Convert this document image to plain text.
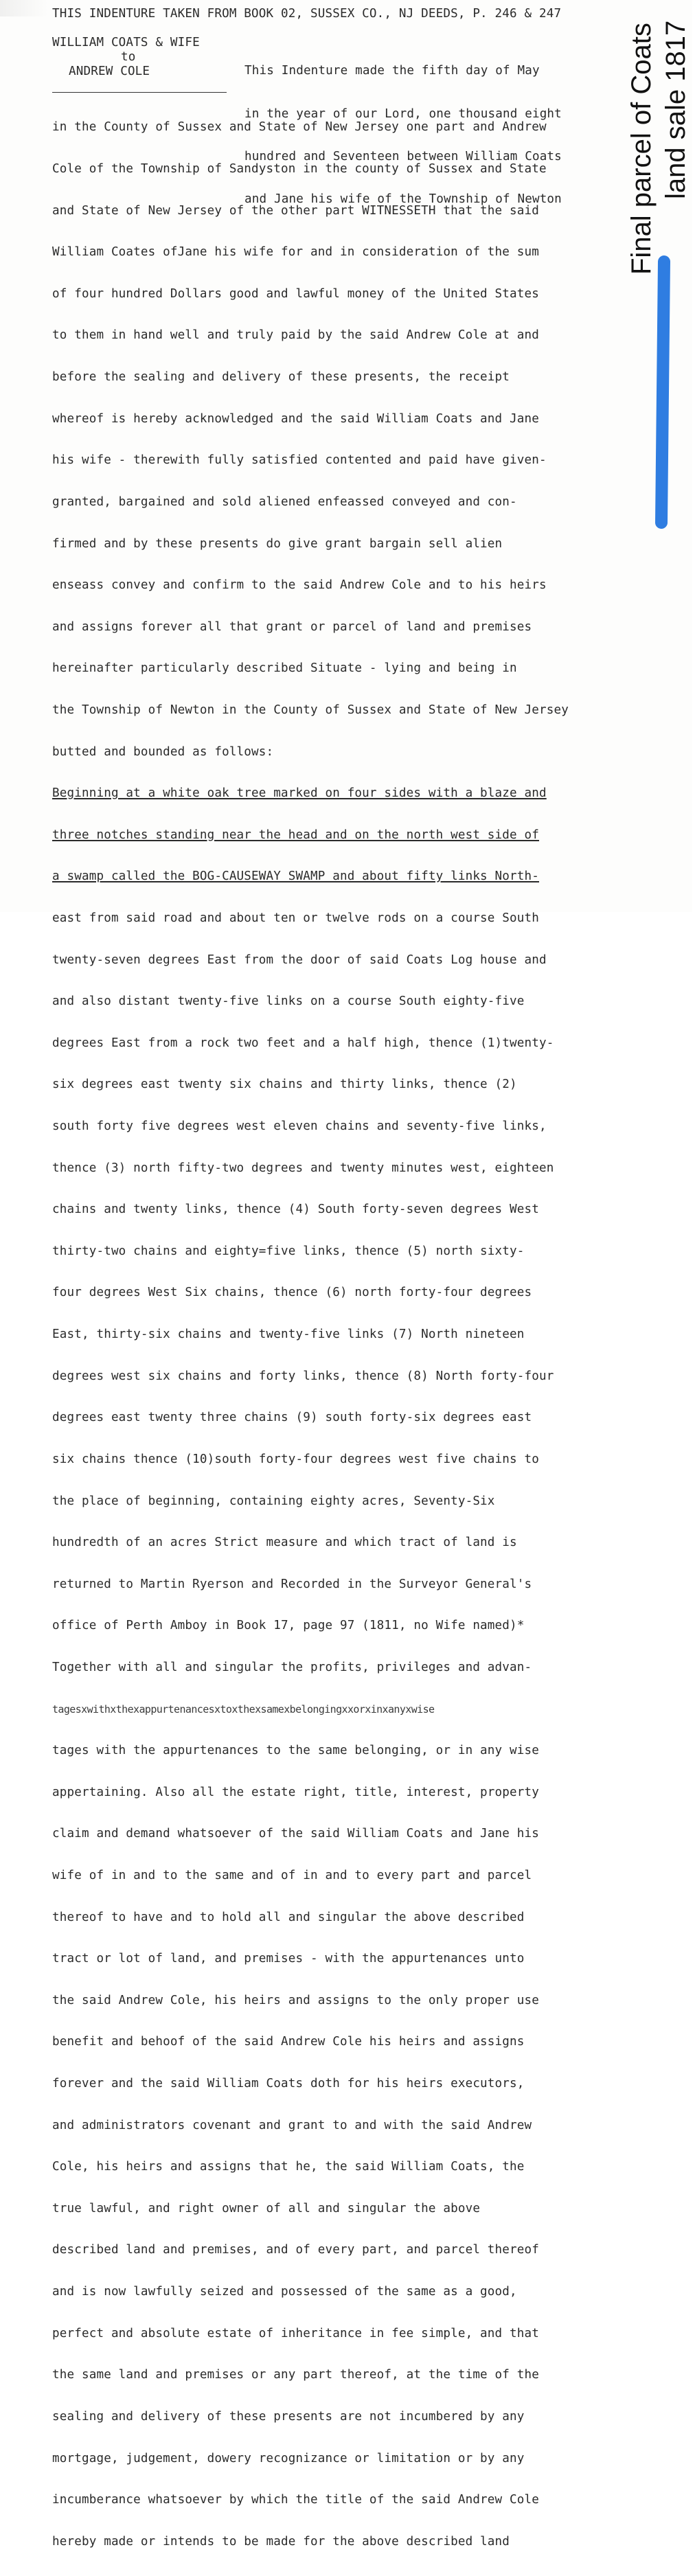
THIS INDENTURE TAKEN FROM BOOK 02, SUSSEX CO., NJ DEEDS, P. 246 & 247
WILLIAM COATS & WIFE
to
ANDREW COLE

	This Indenture made the fifth day of May

in the year of our Lord, one thousand eight

hundred and Seventeen between William Coats

and Jane his wife of the Township of Newton

in the County of Sussex and State of New Jersey one part and Andrew

Cole of the Township of Sandyston in the county of Sussex and State

and State of New Jersey of the other part WITNESSETH that the said

William Coates ofJane his wife for and in consideration of the sum

of four hundred Dollars good and lawful money of the United States

to them in hand well and truly paid by the said Andrew Cole at and

before the sealing and delivery of these presents, the receipt

whereof is hereby acknowledged and the said William Coats and Jane

his wife - therewith fully satisfied contented and paid have given-

granted, bargained and sold aliened enfeassed conveyed and con-

firmed and by these presents do give grant bargain sell alien

enseass convey and confirm to the said Andrew Cole and to his heirs

and assigns forever all that grant or parcel of land and premises

hereinafter particularly described Situate - lying and being in

the Township of Newton in the County of Sussex and State of New Jersey

butted and bounded as follows:

Beginning at a white oak tree marked on four sides with a blaze and

three notches standing near the head and on the north west side of

a swamp called the BOG-CAUSEWAY SWAMP and about fifty links North-

east from said road and about ten or twelve rods on a course South

twenty-seven degrees East from the door of said Coats Log house and

and also distant twenty-five links on a course South eighty-five

degrees East from a rock two feet and a half high, thence (1)twenty-

six degrees east twenty six chains and thirty links, thence (2)

south forty five degrees west eleven chains and seventy-five links,

thence (3) north fifty-two degrees and twenty minutes west, eighteen

chains and twenty links, thence (4) South forty-seven degrees West

thirty-two chains and eighty=five links, thence (5) north sixty-

four degrees West Six chains, thence (6) north forty-four degrees

East, thirty-six chains and twenty-five links (7) North nineteen

degrees west six chains and forty links, thence (8) North forty-four

degrees east twenty three chains (9) south forty-six degrees east

six chains thence (10)south forty-four degrees west five chains to

the place of beginning, containing eighty acres, Seventy-Six

hundredth of an acres Strict measure and which tract of land is

returned to Martin Ryerson and Recorded in the Surveyor General's

office of Perth Amboy in Book 17, page 97 (1811, no Wife named)*

Together with all and singular the profits, privileges and advan-

tagesxwithxthexappurtenancesxtoxthexsamexbelongingxxorxinxanyxwise

tages with the appurtenances to the same belonging, or in any wise

appertaining. Also all the estate right, title, interest, property

claim and demand whatsoever of the said William Coats and Jane his

wife of in and to the same and of in and to every part and parcel

thereof to have and to hold all and singular the above described

tract or lot of land, and premises - with the appurtenances unto

the said Andrew Cole, his heirs and assigns to the only proper use

benefit and behoof of the said Andrew Cole his heirs and assigns

forever and the said William Coats doth for his heirs executors,

and administrators covenant and grant to and with the said Andrew

Cole, his heirs and assigns that he, the said William Coats, the

true lawful, and right owner of all and singular the above

described land and premises, and of every part, and parcel thereof

and is now lawfully seized and possessed of the same as a good,

perfect and absolute estate of inheritance in fee simple, and that

the same land and premises or any part thereof, at the time of the

sealing and delivery of these presents are not incumbered by any

mortgage, judgement, dowery recognizance or limitation or by any

incumberance whatsoever by which the title of the said Andrew Cole

hereby made or intends to be made for the above described land

Final parcel of Coats land sale 1817
